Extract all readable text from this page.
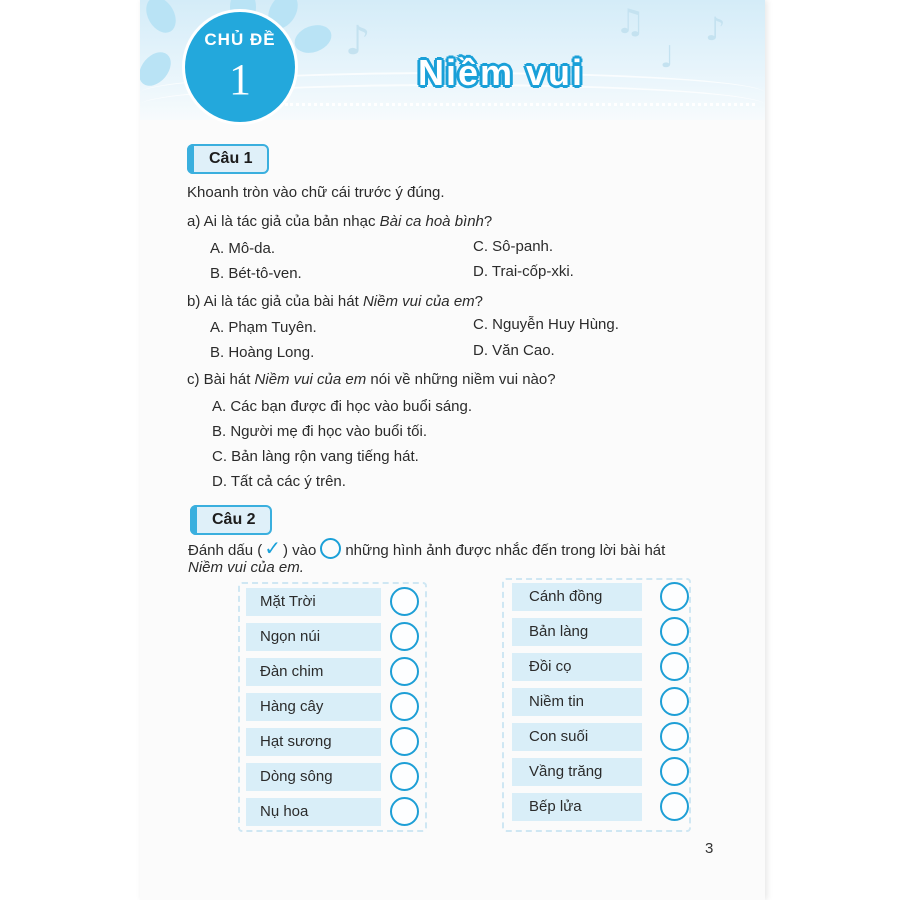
♪	♫
♩
♪
CHỦ ĐỀ
1	Niềm vui
Câu 1
Khoanh tròn vào chữ cái trước ý đúng.
a) Ai là tác giả của bản nhạc Bài ca hoà bình?
A. Mô-da.	C. Sô-panh.
B. Bét-tô-ven.	D. Trai-cốp-xki.
b) Ai là tác giả của bài hát Niềm vui của em?
A. Phạm Tuyên.	C. Nguyễn Huy Hùng.
B. Hoàng Long.	D. Văn Cao.
c) Bài hát Niềm vui của em nói về những niềm vui nào?
A. Các bạn được đi học vào buổi sáng.
B. Người mẹ đi học vào buổi tối.
C. Bản làng rộn vang tiếng hát.
D. Tất cả các ý trên.
Câu 2
Đánh dấu ( ✓ ) vào những hình ảnh được nhắc đến trong lời bài hát
Niềm vui của em.
Mặt Trời
Ngọn núi
Đàn chim
Hàng cây
Hạt sương
Dòng sông
Nụ hoa
Cánh đồng
Bản làng
Đồi cọ
Niềm tin
Con suối
Vầng trăng
Bếp lửa
3
